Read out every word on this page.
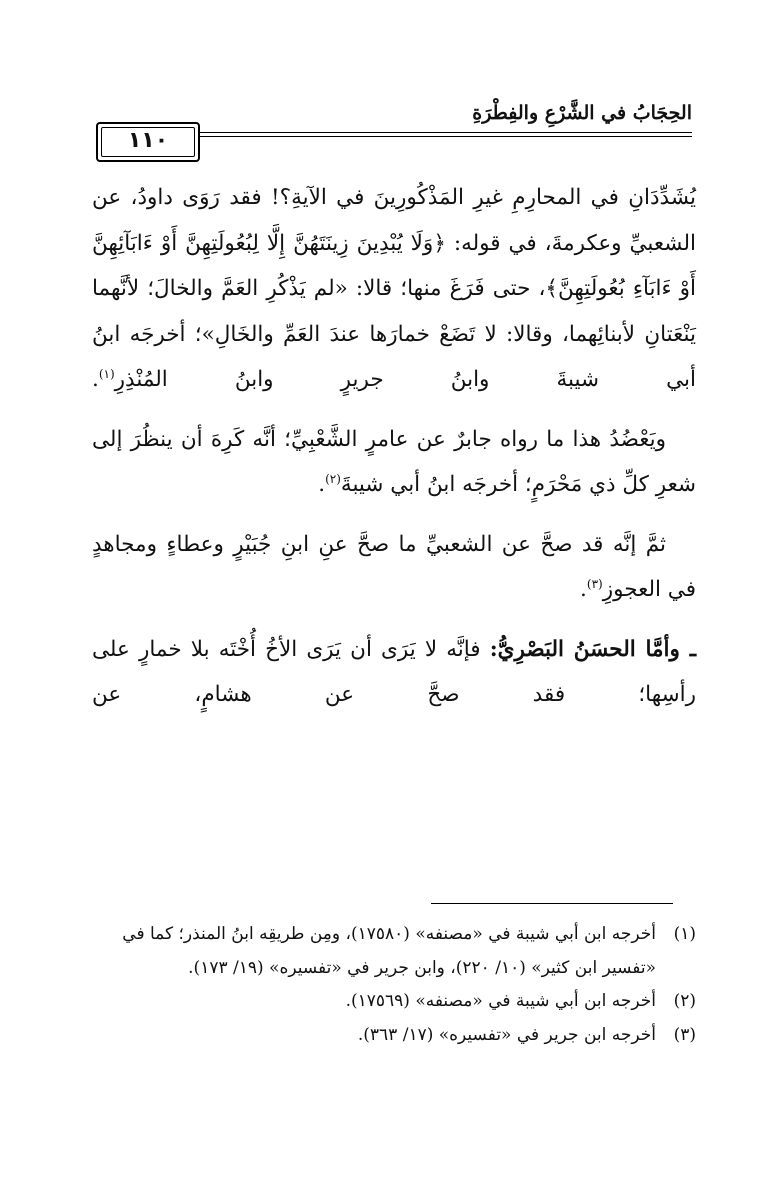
الحِجَابُ في الشَّرْعِ والفِطْرَةِ
١١٠

يُشَدِّدَانِ في المحارِمِ غيرِ المَذْكُورِينَ في الآيةِ؟! فقد رَوَى داودُ، عن الشعبيِّ وعكرمةَ، في قوله: ﴿وَلَا يُبْدِينَ زِينَتَهُنَّ إِلَّا لِبُعُولَتِهِنَّ أَوْ ءَابَآئِهِنَّ أَوْ ءَابَآءِ بُعُولَتِهِنَّ﴾، حتى فَرَغَ منها؛ قالا: «لم يَذْكُرِ العَمَّ والخالَ؛ لأنَّهما يَنْعَتانِ لأبنائِهما، وقالا: لا تَضَعْ خمارَها عندَ العَمِّ والخَالِ»؛ أخرجَه ابنُ أبي شيبةَ وابنُ جريرٍ وابنُ المُنْذِرِ$^{(١)}$.

ويَعْضُدُ هذا ما رواه جابرٌ عن عامرٍ الشَّعْبِيِّ؛ أنَّه كَرِهَ أن ينظُرَ إلى شعرِ كلِّ ذي مَحْرَمٍ؛ أخرجَه ابنُ أبي شيبةَ$^{(٢)}$.

ثمَّ إنَّه قد صحَّ عن الشعبيِّ ما صحَّ عنِ ابنِ جُبَيْرٍ وعطاءٍ ومجاهدٍ في العجوزِ$^{(٣)}$.

ـ وأمَّا الحسَنُ البَصْرِيُّ: فإنَّه لا يَرَى أن يَرَى الأخُ أُخْتَه بلا خمارٍ على رأسِها؛ فقد صحَّ عن هشامٍ، عن

(١)
أخرجه ابن أبي شيبة في «مصنفه» (١٧٥٨٠)، ومِن طريقِه ابنُ المنذر؛ كما في «تفسير ابن كثير» (١٠/ ٢٢٠)، وابن جرير في «تفسيره» (١٩/ ١٧٣).
(٢)
أخرجه ابن أبي شيبة في «مصنفه» (١٧٥٦٩).
(٣)
أخرجه ابن جرير في «تفسيره» (١٧/ ٣٦٣).
